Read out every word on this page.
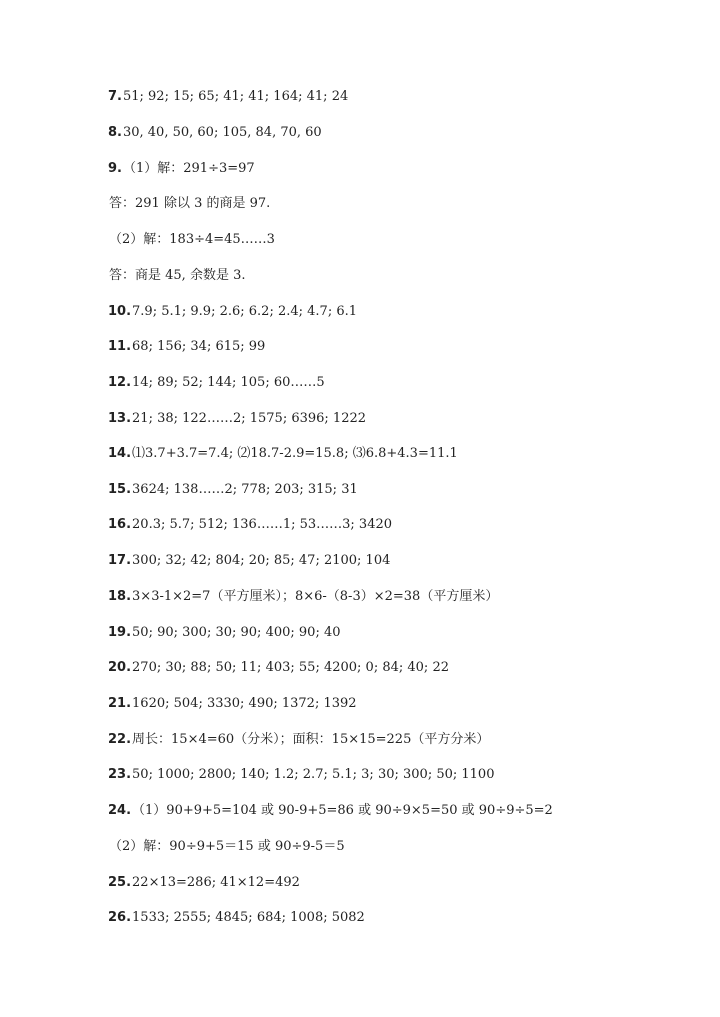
7.51; 92; 15; 65; 41; 41; 164; 41; 24
8.30, 40, 50, 60; 105, 84, 70, 60
9.（1）解：291÷3=97
答：291 除以 3 的商是 97.
（2）解：183÷4=45……3
答：商是 45, 余数是 3.
10.7.9; 5.1; 9.9; 2.6; 6.2; 2.4; 4.7; 6.1
11.68; 156; 34; 615; 99
12.14; 89; 52; 144; 105; 60……5
13.21; 38; 122……2; 1575; 6396; 1222
14.⑴3.7+3.7=7.4; ⑵18.7-2.9=15.8; ⑶6.8+4.3=11.1
15.3624; 138……2; 778; 203; 315; 31
16.20.3; 5.7; 512; 136……1; 53……3; 3420
17.300; 32; 42; 804; 20; 85; 47; 2100; 104
18.3×3-1×2=7（平方厘米）；8×6-（8-3）×2=38（平方厘米）
19.50; 90; 300; 30; 90; 400; 90; 40
20.270; 30; 88; 50; 11; 403; 55; 4200; 0; 84; 40; 22
21.1620; 504; 3330; 490; 1372; 1392
22.周长：15×4=60（分米）；面积：15×15=225（平方分米）
23.50; 1000; 2800; 140; 1.2; 2.7; 5.1; 3; 30; 300; 50; 1100
24.（1）90+9+5=104 或 90-9+5=86 或 90÷9×5=50 或 90÷9÷5=2
（2）解：90÷9+5＝15 或 90÷9-5＝5
25.22×13=286; 41×12=492
26.1533; 2555; 4845; 684; 1008; 5082
